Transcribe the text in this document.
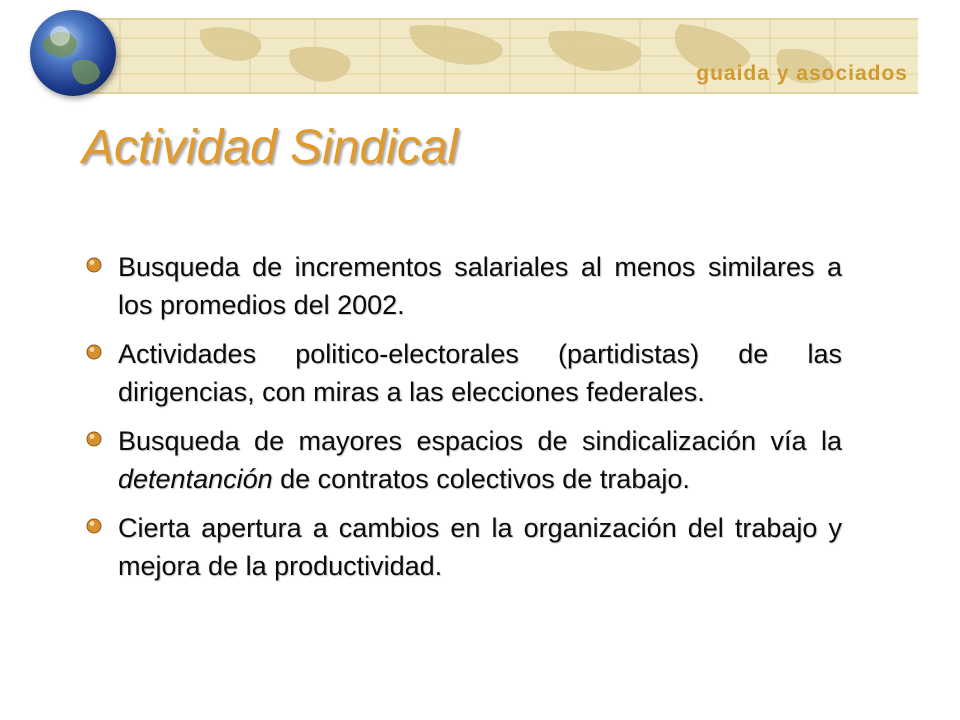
guaida y asociados
Actividad Sindical
Busqueda de incrementos salariales al menos similares a los promedios del 2002.
Actividades politico-electorales (partidistas) de las dirigencias, con miras a las elecciones federales.
Busqueda de mayores espacios de sindicalización vía la detentanción de contratos colectivos de trabajo.
Cierta apertura a cambios en la organización del trabajo y mejora de la productividad.
